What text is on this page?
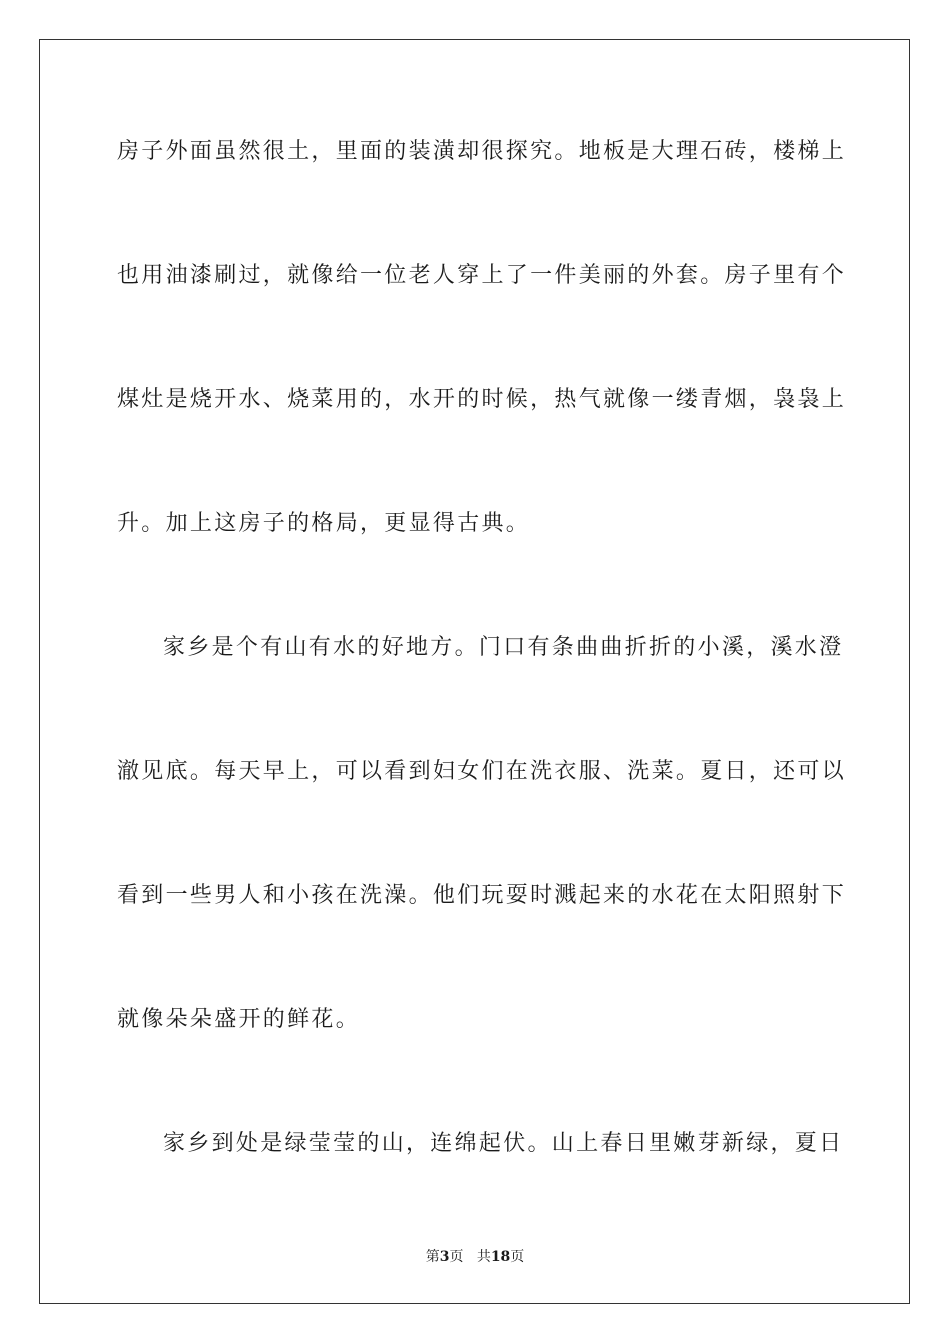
房子外面虽然很土，里面的装潢却很探究。地板是大理石砖，楼梯上
也用油漆刷过，就像给一位老人穿上了一件美丽的外套。房子里有个
煤灶是烧开水、烧菜用的，水开的时候，热气就像一缕青烟，袅袅上
升。加上这房子的格局，更显得古典。
家乡是个有山有水的好地方。门口有条曲曲折折的小溪，溪水澄
澈见底。每天早上，可以看到妇女们在洗衣服、洗菜。夏日，还可以
看到一些男人和小孩在洗澡。他们玩耍时溅起来的水花在太阳照射下
就像朵朵盛开的鲜花。
家乡到处是绿莹莹的山，连绵起伏。山上春日里嫩芽新绿，夏日
第3页 共18页
